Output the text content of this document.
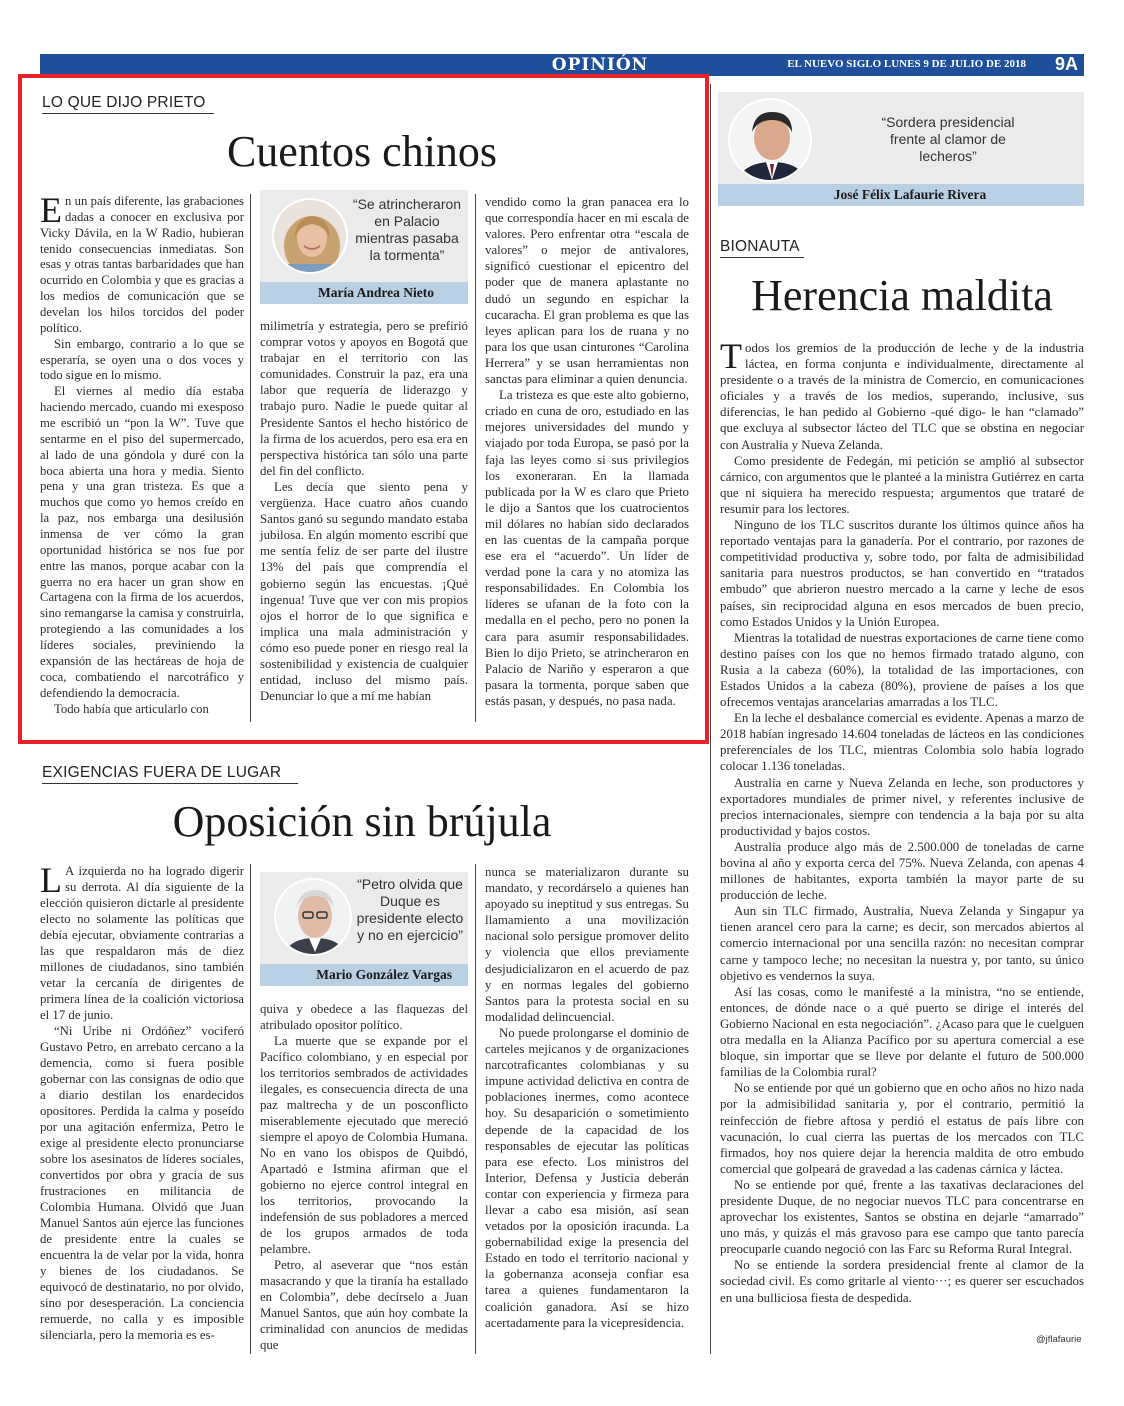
OPINIÓN	EL NUEVO SIGLO LUNES 9 DE JULIO DE 2018 9A
LO QUE DIJO PRIETO
Cuentos chinos

En un país diferente, las grabaciones dadas a conocer en exclusiva por Vicky Dávila, en la W Radio, hubieran tenido consecuencias inmediatas. Son esas y otras tantas barbaridades que han ocurrido en Colombia y que es gracias a los medios de comunicación que se develan los hilos torcidos del poder político.

Sin embargo, contrario a lo que se esperaría, se oyen una o dos voces y todo sigue en lo mismo.

El viernes al medio día estaba haciendo mercado, cuando mi exesposo me escribió un “pon la W”. Tuve que sentarme en el piso del supermercado, al lado de una góndola y duré con la boca abierta una hora y media. Siento pena y una gran tristeza. Es que a muchos que como yo hemos creído en la paz, nos embarga una desilusión inmensa de ver cómo la gran oportunidad histórica se nos fue por entre las manos, porque acabar con la guerra no era hacer un gran show en Cartagena con la firma de los acuerdos, sino remangarse la camisa y construirla, protegiendo a las comunidades a los líderes sociales, previniendo la expansión de las hectáreas de hoja de coca, combatiendo el narcotráfico y defendiendo la democracia.

Todo había que articularlo con

“Se atrincheraron en Palacio mientras pasaba la tormenta”
María Andrea Nieto

milimetría y estrategia, pero se prefirió comprar votos y apoyos en Bogotá que trabajar en el territorio con las comunidades. Construir la paz, era una labor que requería de liderazgo y trabajo puro. Nadie le puede quitar al Presidente Santos el hecho histórico de la firma de los acuerdos, pero esa era en perspectiva histórica tan sólo una parte del fin del conflicto.

Les decía que siento pena y vergüenza. Hace cuatro años cuando Santos ganó su segundo mandato estaba jubilosa. En algún momento escribí que me sentía feliz de ser parte del ilustre 13% del país que comprendía el gobierno según las encuestas. ¡Qué ingenua! Tuve que ver con mis propios ojos el horror de lo que significa e implica una mala administración y cómo eso puede poner en riesgo real la sostenibilidad y existencia de cualquier entidad, incluso del mismo país. Denunciar lo que a mí me habían

vendido como la gran panacea era lo que correspondía hacer en mi escala de valores. Pero enfrentar otra “escala de valores” o mejor de antivalores, significó cuestionar el epicentro del poder que de manera aplastante no dudó un segundo en espichar la cucaracha. El gran problema es que las leyes aplican para los de ruana y no para los que usan cinturones “Carolina Herrera” y se usan herramientas non sanctas para eliminar a quien denuncia.

La tristeza es que este alto gobierno, criado en cuna de oro, estudiado en las mejores universidades del mundo y viajado por toda Europa, se pasó por la faja las leyes como si sus privilegios los exoneraran. En la llamada publicada por la W es claro que Prieto le dijo a Santos que los cuatrocientos mil dólares no habían sido declarados en las cuentas de la campaña porque ese era el “acuerdo”. Un líder de verdad pone la cara y no atomiza las responsabilidades. En Colombia los líderes se ufanan de la foto con la medalla en el pecho, pero no ponen la cara para asumir responsabilidades. Bien lo dijo Prieto, se atrincheraron en Palacio de Nariño y esperaron a que pasara la tormenta, porque saben que estás pasan, y después, no pasa nada.

EXIGENCIAS FUERA DE LUGAR
Oposición sin brújula

L A izquierda no ha logrado digerir su derrota. Al día siguiente de la elección quisieron dictarle al presidente electo no solamente las políticas que debía ejecutar, obviamente contrarias a las que respaldaron más de diez millones de ciudadanos, sino también vetar la cercanía de dirigentes de primera línea de la coalición victoriosa el 17 de junio.

“Ni Uribe ni Ordóñez” vociferó Gustavo Petro, en arrebato cercano a la demencia, como si fuera posible gobernar con las consignas de odio que a diario destilan los enardecidos opositores. Perdida la calma y poseído por una agitación enfermiza, Petro le exige al presidente electo pronunciarse sobre los asesinatos de líderes sociales, convertidos por obra y gracia de sus frustraciones en militancia de Colombia Humana. Olvidó que Juan Manuel Santos aún ejerce las funciones de presidente entre la cuales se encuentra la de velar por la vida, honra y bienes de los ciudadanos. Se equivocó de destinatario, no por olvido, sino por desesperación. La conciencia remuerde, no calla y es imposible silenciarla, pero la memoria es es-

“Petro olvida que Duque es presidente electo y no en ejercicio”
Mario González Vargas

quiva y obedece a las flaquezas del atribulado opositor político.

La muerte que se expande por el Pacífico colombiano, y en especial por los territorios sembrados de actividades ilegales, es consecuencia directa de una paz maltrecha y de un posconflicto miserablemente ejecutado que mereció siempre el apoyo de Colombia Humana. No en vano los obispos de Quibdó, Apartadó e Istmina afirman que el gobierno no ejerce control integral en los territorios, provocando la indefensión de sus pobladores a merced de los grupos armados de toda pelambre.

Petro, al aseverar que “nos están masacrando y que la tiranía ha estallado en Colombia”, debe decírselo a Juan Manuel Santos, que aún hoy combate la criminalidad con anuncios de medidas que

nunca se materializaron durante su mandato, y recordárselo a quienes han apoyado su ineptitud y sus entregas. Su llamamiento a una movilización nacional solo persigue promover delito y violencia que ellos previamente desjudicializaron en el acuerdo de paz y en normas legales del gobierno Santos para la protesta social en su modalidad delincuencial.

No puede prolongarse el dominio de carteles mejicanos y de organizaciones narcotraficantes colombianas y su impune actividad delictiva en contra de poblaciones inermes, como acontece hoy. Su desaparición o sometimiento depende de la capacidad de los responsables de ejecutar las políticas para ese efecto. Los ministros del Interior, Defensa y Justicia deberán contar con experiencia y firmeza para llevar a cabo esa misión, así sean vetados por la oposición iracunda. La gobernabilidad exige la presencia del Estado en todo el territorio nacional y la gobernanza aconseja confiar esa tarea a quienes fundamentaron la coalición ganadora. Así se hizo acertadamente para la vicepresidencia.

“Sordera presidencial frente al clamor de lecheros”
José Félix Lafaurie Rivera
BIONAUTA
Herencia maldita

Todos los gremios de la producción de leche y de la industria láctea, en forma conjunta e individualmente, directamente al presidente o a través de la ministra de Comercio, en comunicaciones oficiales y a través de los medios, superando, inclusive, sus diferencias, le han pedido al Gobierno -qué digo- le han “clamado” que excluya al subsector lácteo del TLC que se obstina en negociar con Australia y Nueva Zelanda.

Como presidente de Fedegán, mi petición se amplió al subsector cárnico, con argumentos que le planteé a la ministra Gutiérrez en carta que ni siquiera ha merecido respuesta; argumentos que trataré de resumir para los lectores.

Ninguno de los TLC suscritos durante los últimos quince años ha reportado ventajas para la ganadería. Por el contrario, por razones de competitividad productiva y, sobre todo, por falta de admisibilidad sanitaria para nuestros productos, se han convertido en “tratados embudo” que abrieron nuestro mercado a la carne y leche de esos países, sin reciprocidad alguna en esos mercados de buen precio, como Estados Unidos y la Unión Europea.

Mientras la totalidad de nuestras exportaciones de carne tiene como destino países con los que no hemos firmado tratado alguno, con Rusia a la cabeza (60%), la totalidad de las importaciones, con Estados Unidos a la cabeza (80%), proviene de países a los que ofrecemos ventajas arancelarias amarradas a los TLC.

En la leche el desbalance comercial es evidente. Apenas a marzo de 2018 habían ingresado 14.604 toneladas de lácteos en las condiciones preferenciales de los TLC, mientras Colombia solo había logrado colocar 1.136 toneladas.

Australia en carne y Nueva Zelanda en leche, son productores y exportadores mundiales de primer nivel, y referentes inclusive de precios internacionales, siempre con tendencia a la baja por su alta productividad y bajos costos.

Australia produce algo más de 2.500.000 de toneladas de carne bovina al año y exporta cerca del 75%. Nueva Zelanda, con apenas 4 millones de habitantes, exporta también la mayor parte de su producción de leche.

Aun sin TLC firmado, Australia, Nueva Zelanda y Singapur ya tienen arancel cero para la carne; es decir, son mercados abiertos al comercio internacional por una sencilla razón: no necesitan comprar carne y tampoco leche; no necesitan la nuestra y, por tanto, su único objetivo es vendernos la suya.

Así las cosas, como le manifesté a la ministra, “no se entiende, entonces, de dónde nace o a qué puerto se dirige el interés del Gobierno Nacional en esta negociación”. ¿Acaso para que le cuelguen otra medalla en la Alianza Pacífico por su apertura comercial a ese bloque, sin importar que se lleve por delante el futuro de 500.000 familias de la Colombia rural?

No se entiende por qué un gobierno que en ocho años no hizo nada por la admisibilidad sanitaria y, por el contrario, permitió la reinfección de fiebre aftosa y perdió el estatus de país libre con vacunación, lo cual cierra las puertas de los mercados con TLC firmados, hoy nos quiere dejar la herencia maldita de otro embudo comercial que golpeará de gravedad a las cadenas cárnica y láctea.

No se entiende por qué, frente a las taxativas declaraciones del presidente Duque, de no negociar nuevos TLC para concentrarse en aprovechar los existentes, Santos se obstina en dejarle “amarrado” uno más, y quizás el más gravoso para ese campo que tanto parecía preocuparle cuando negoció con las Farc su Reforma Rural Integral.

No se entiende la sordera presidencial frente al clamor de la sociedad civil. Es como gritarle al viento···; es querer ser escuchados en una bulliciosa fiesta de despedida.

@jflafaurie
